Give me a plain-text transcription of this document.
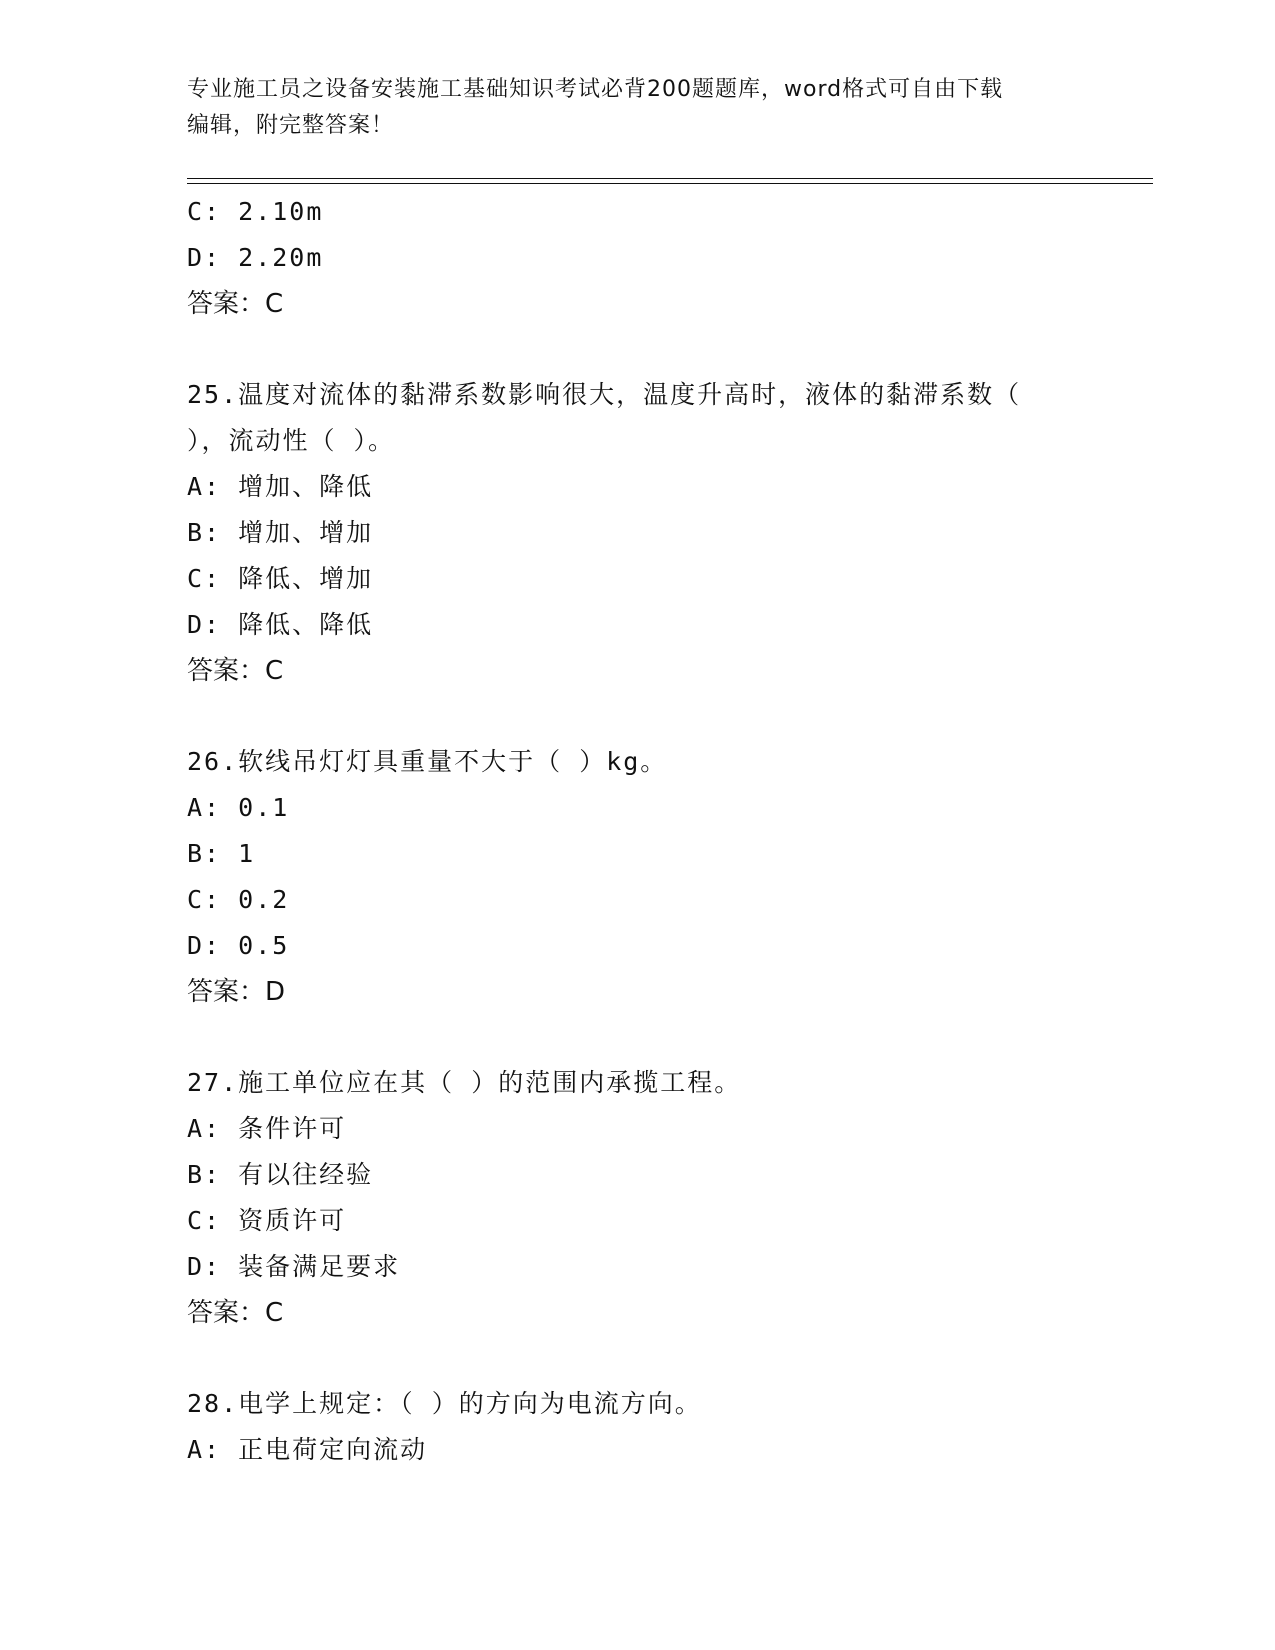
专业施工员之设备安装施工基础知识考试必背200题题库，word格式可自由下载
编辑，附完整答案！
C: 2.10m
D: 2.20m
答案：C
25.温度对流体的黏滞系数影响很大，温度升高时，液体的黏滞系数（
），流动性（ ）。
A: 增加、降低
B: 增加、增加
C: 降低、增加
D: 降低、降低
答案：C
26.软线吊灯灯具重量不大于（ ）kg。
A: 0.1
B: 1
C: 0.2
D: 0.5
答案：D
27.施工单位应在其（ ）的范围内承揽工程。
A: 条件许可
B: 有以往经验
C: 资质许可
D: 装备满足要求
答案：C
28.电学上规定：（ ）的方向为电流方向。
A: 正电荷定向流动
